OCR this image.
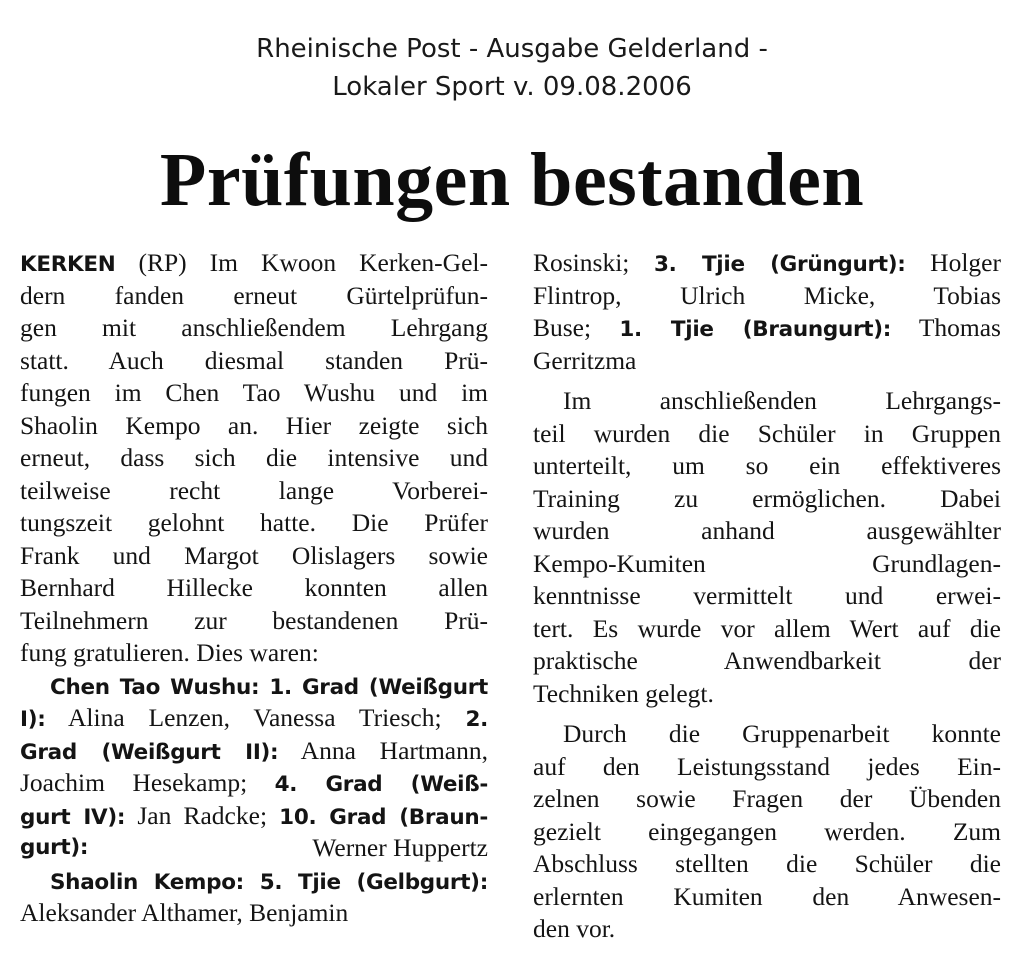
Rheinische Post - Ausgabe Gelderland -
Lokaler Sport v. 09.08.2006
Prüfungen bestanden
KERKEN (RP) Im Kwoon Kerken-Gel-
dern fanden erneut Gürtelprüfun-
gen mit anschließendem Lehrgang
statt. Auch diesmal standen Prü-
fungen im Chen Tao Wushu und im
Shaolin Kempo an. Hier zeigte sich
erneut, dass sich die intensive und
teilweise recht lange Vorberei-
tungszeit gelohnt hatte. Die Prüfer
Frank und Margot Olislagers sowie
Bernhard Hillecke konnten allen
Teilnehmern zur bestandenen Prü-
fung gratulieren. Dies waren:
Chen Tao Wushu: 1. Grad (Weißgurt
I): Alina Lenzen, Vanessa Triesch; 2.
Grad (Weißgurt II): Anna Hartmann,
Joachim Hesekamp; 4. Grad (Weiß-
gurt IV): Jan Radcke; 10. Grad (Braun-
gurt):	Werner Huppertz
Shaolin Kempo: 5. Tjie (Gelbgurt):
Aleksander Althamer, Benjamin
Rosinski; 3. Tjie (Grüngurt): Holger
Flintrop, Ulrich Micke, Tobias
Buse; 1. Tjie (Braungurt): Thomas
Gerritzma
Im anschließenden Lehrgangs-
teil wurden die Schüler in Gruppen
unterteilt, um so ein effektiveres
Training zu ermöglichen. Dabei
wurden anhand ausgewählter
Kempo-Kumiten Grundlagen-
kenntnisse vermittelt und erwei-
tert. Es wurde vor allem Wert auf die
praktische Anwendbarkeit der
Techniken gelegt.
Durch die Gruppenarbeit konnte
auf den Leistungsstand jedes Ein-
zelnen sowie Fragen der Übenden
gezielt eingegangen werden. Zum
Abschluss stellten die Schüler die
erlernten Kumiten den Anwesen-
den vor.
